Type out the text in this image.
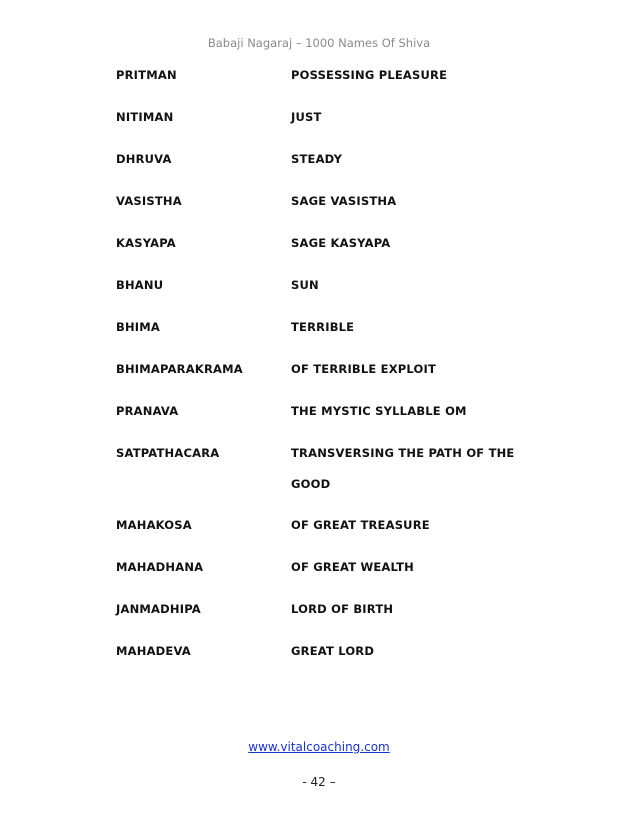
Babaji Nagaraj – 1000 Names Of Shiva
PRITMAN	POSSESSING PLEASURE
NITIMAN	JUST
DHRUVA	STEADY
VASISTHA	SAGE VASISTHA
KASYAPA	SAGE KASYAPA
BHANU	SUN
BHIMA	TERRIBLE
BHIMAPARAKRAMA	OF TERRIBLE EXPLOIT
PRANAVA	THE MYSTIC SYLLABLE OM
SATPATHACARA	TRANSVERSING THE PATH OF THE GOOD
MAHAKOSA	OF GREAT TREASURE
MAHADHANA	OF GREAT WEALTH
JANMADHIPA	LORD OF BIRTH
MAHADEVA	GREAT LORD
www.vitalcoaching.com
- 42 –
